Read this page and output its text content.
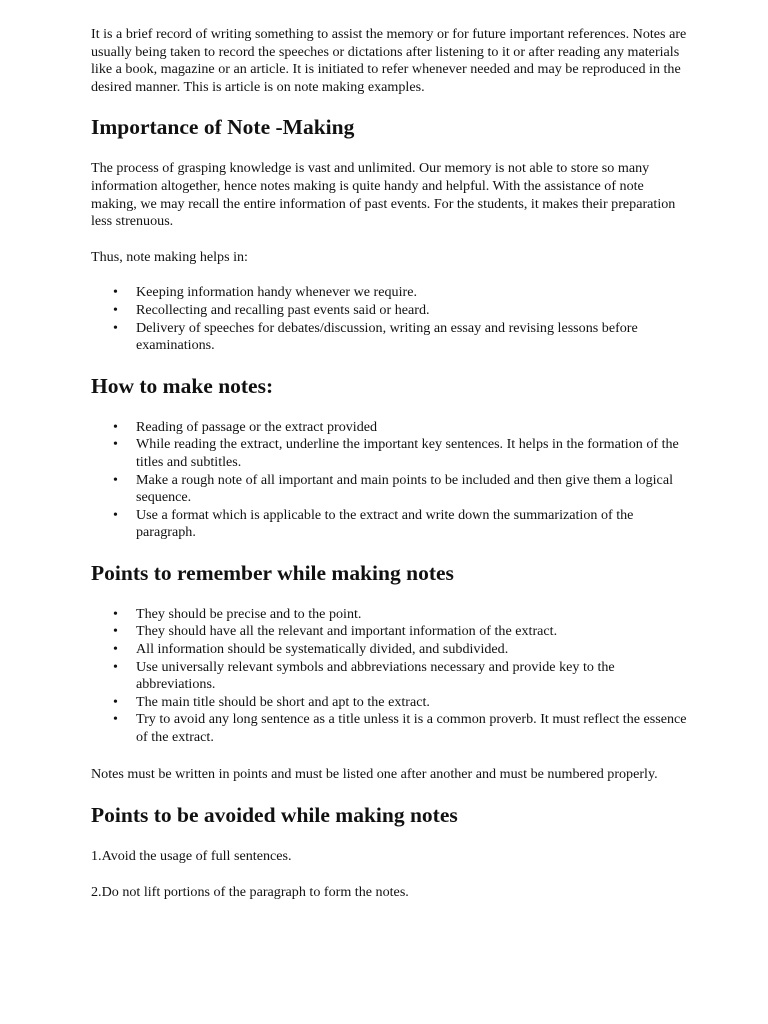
It is a brief record of writing something to assist the memory or for future important references. Notes are usually being taken to record the speeches or dictations after listening to it or after reading any materials like a book, magazine or an article. It is initiated to refer whenever needed and may be reproduced in the desired manner. This is article is on note making examples.

Importance of Note -Making

The process of grasping knowledge is vast and unlimited. Our memory is not able to store so many information altogether, hence notes making is quite handy and helpful. With the assistance of note making, we may recall the entire information of past events. For the students, it makes their preparation less strenuous.

Thus, note making helps in:

• Keeping information handy whenever we require.
• Recollecting and recalling past events said or heard.
• Delivery of speeches for debates/discussion, writing an essay and revising lessons before examinations.
How to make notes:
• Reading of passage or the extract provided
• While reading the extract, underline the important key sentences. It helps in the formation of the titles and subtitles.
• Make a rough note of all important and main points to be included and then give them a logical sequence.
• Use a format which is applicable to the extract and write down the summarization of the paragraph.
Points to remember while making notes
• They should be precise and to the point.
• They should have all the relevant and important information of the extract.
• All information should be systematically divided, and subdivided.
• Use universally relevant symbols and abbreviations necessary and provide key to the abbreviations.
• The main title should be short and apt to the extract.
• Try to avoid any long sentence as a title unless it is a common proverb. It must reflect the essence of the extract.

Notes must be written in points and must be listed one after another and must be numbered properly.

Points to be avoided while making notes

1.Avoid the usage of full sentences.

2.Do not lift portions of the paragraph to form the notes.
